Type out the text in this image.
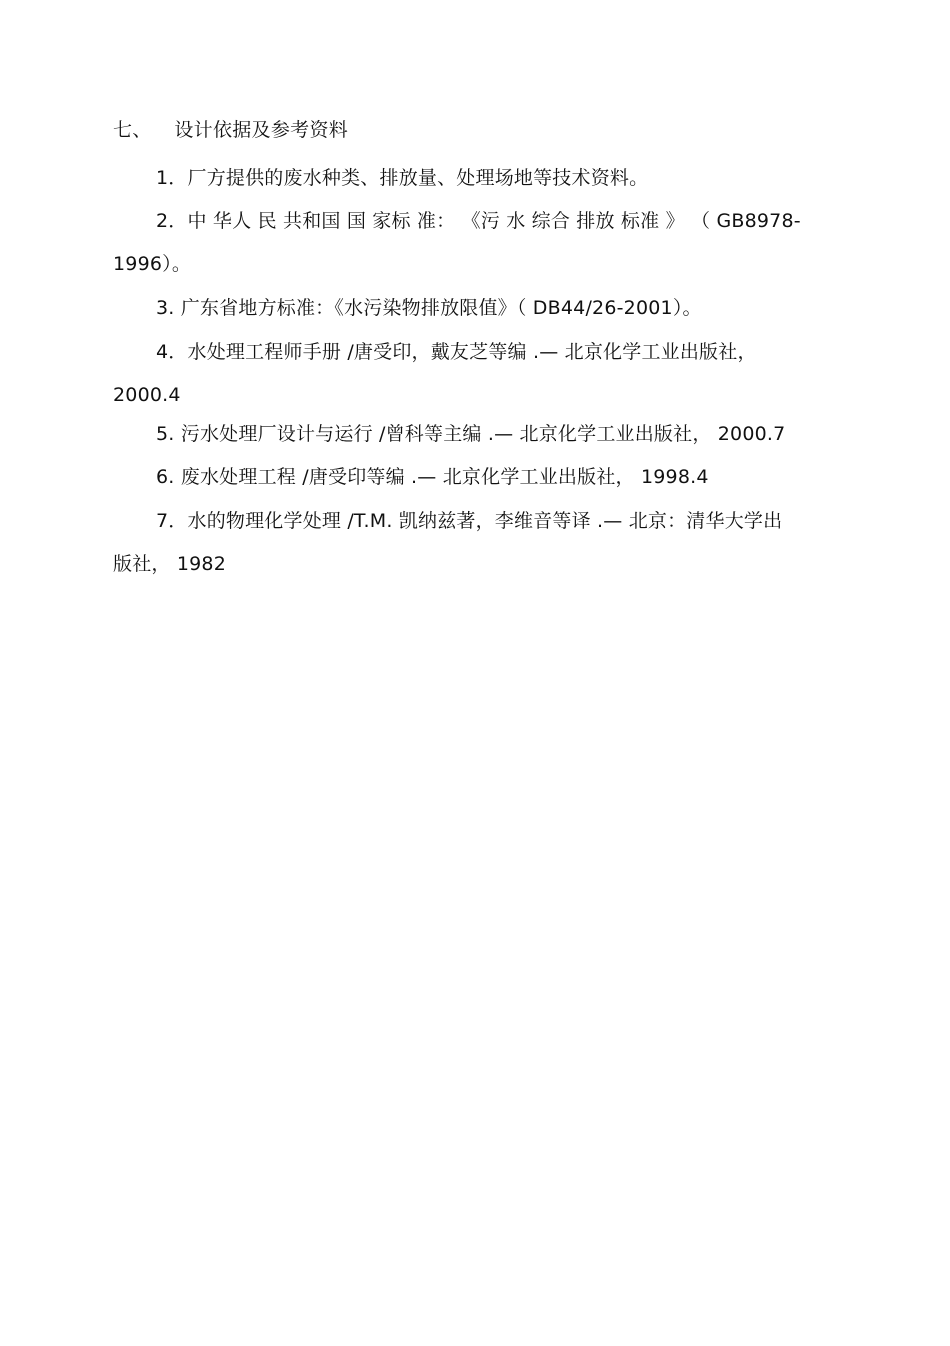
七、 设计依据及参考资料
1．厂方提供的废水种类、排放量、处理场地等技术资料。
2．中 华人 民 共和国 国 家标 准： 《污 水 综合 排放 标准 》 （ GB8978-
1996）。
3. 广东省地方标准：《水污染物排放限值》（ DB44/26-2001）。
4．水处理工程师手册 /唐受印，戴友芝等编 .— 北京化学工业出版社，
2000.4
5. 污水处理厂设计与运行 /曾科等主编 .— 北京化学工业出版社， 2000.7
6. 废水处理工程 /唐受印等编 .— 北京化学工业出版社， 1998.4
7．水的物理化学处理 /T.M. 凯纳兹著，李维音等译 .— 北京：清华大学出
版社， 1982
